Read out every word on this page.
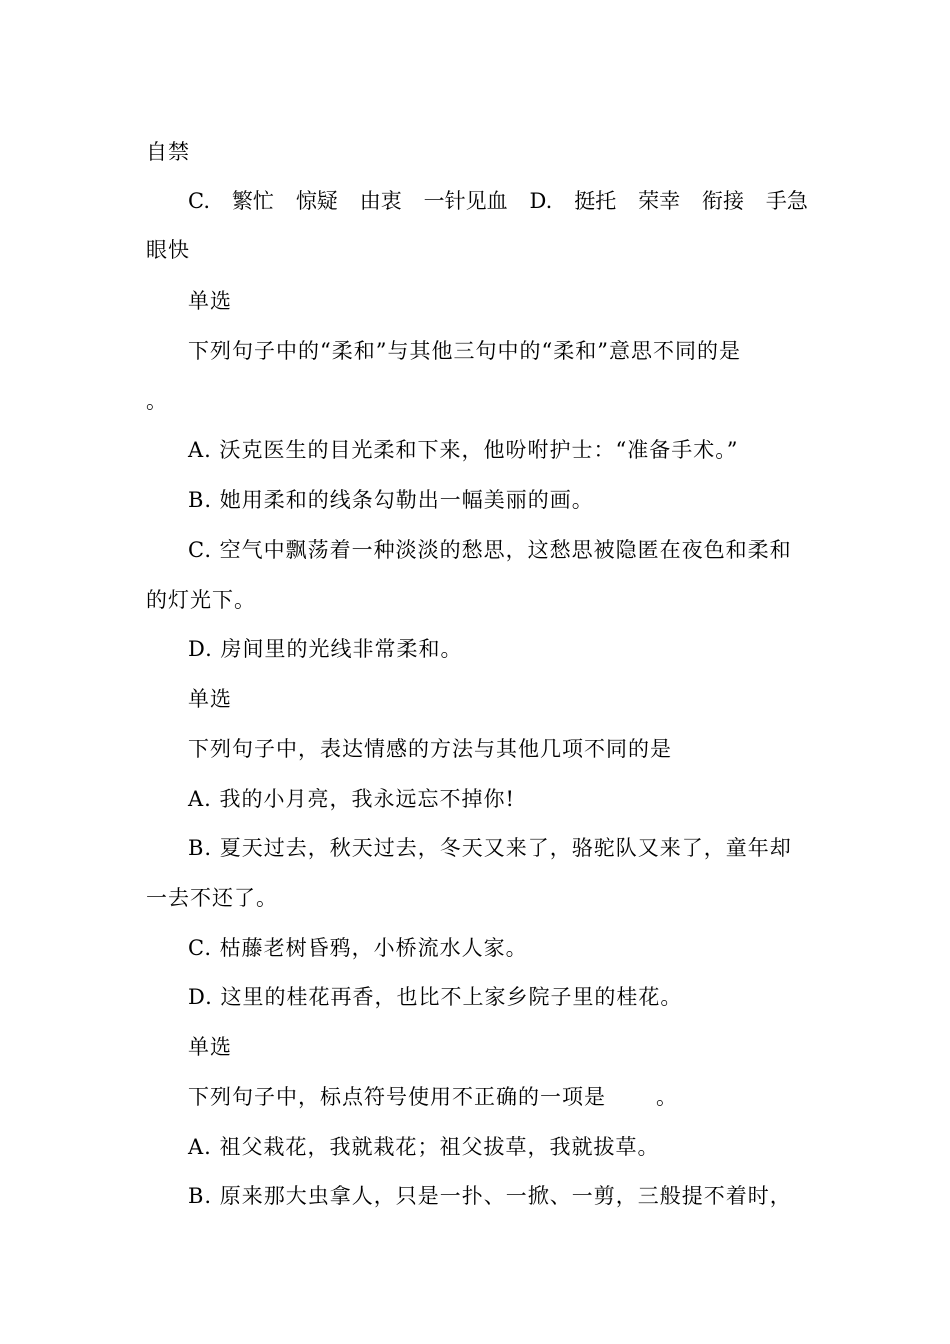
自禁
C. 繁忙 惊疑 由衷 一针见血 D. 挺托 荣幸 衔接 手急
眼快
单选
下列句子中的“柔和”与其他三句中的“柔和”意思不同的是
。
A. 沃克医生的目光柔和下来，他吩咐护士：“准备手术。”
B. 她用柔和的线条勾勒出一幅美丽的画。
C. 空气中飘荡着一种淡淡的愁思，这愁思被隐匿在夜色和柔和
的灯光下。
D. 房间里的光线非常柔和。
单选
下列句子中，表达情感的方法与其他几项不同的是
A. 我的小月亮，我永远忘不掉你!
B. 夏天过去，秋天过去，冬天又来了，骆驼队又来了，童年却
一去不还了。
C. 枯藤老树昏鸦，小桥流水人家。
D. 这里的桂花再香，也比不上家乡院子里的桂花。
单选
下列句子中，标点符号使用不正确的一项是 。
A. 祖父栽花，我就栽花；祖父拔草，我就拔草。
B. 原来那大虫拿人，只是一扑、一掀、一剪，三般提不着时，
